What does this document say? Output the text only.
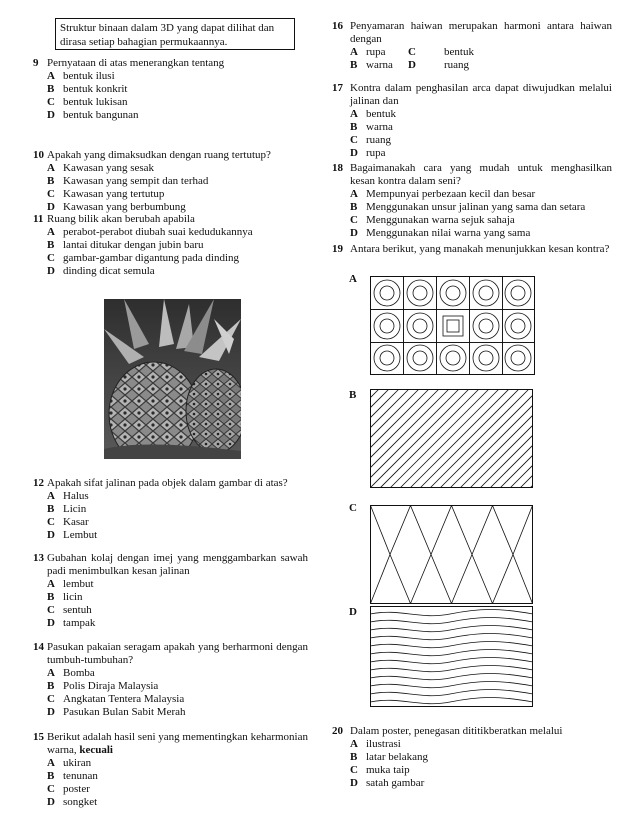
Struktur binaan dalam 3D yang dapat dilihat dan dirasa setiap bahagian permukaannya.
9 Pernyataan di atas menerangkan tentang
A bentuk ilusi
B bentuk konkrit
C bentuk lukisan
D bentuk bangunan
10 Apakah yang dimaksudkan dengan ruang tertutup?
A Kawasan yang sesak
B Kawasan yang sempit dan terhad
C Kawasan yang tertutup
D Kawasan yang berbumbung
11 Ruang bilik akan berubah apabila
A perabot-perabot diubah suai kedudukannya
B lantai ditukar dengan jubin baru
C gambar-gambar digantung pada dinding
D dinding dicat semula
12 Apakah sifat jalinan pada objek dalam gambar di atas?
A Halus
B Licin
C Kasar
D Lembut
13 Gubahan kolaj dengan imej yang menggambarkan sawah padi menimbulkan kesan jalinan
A lembut
B licin
C sentuh
D tampak
14 Pasukan pakaian seragam apakah yang berharmoni dengan tumbuh-tumbuhan?
A Bomba
B Polis Diraja Malaysia
C Angkatan Tentera Malaysia
D Pasukan Bulan Sabit Merah
15 Berikut adalah hasil seni yang mementingkan keharmonian warna, kecuali
A ukiran
B tenunan
C poster
D songket
16 Penyamaran haiwan merupakan harmoni antara haiwan dengan
A rupa C	bentuk
B warna D	ruang
17 Kontra dalam penghasilan arca dapat diwujudkan melalui jalinan dan
A bentuk
B warna
C ruang
D rupa
18 Bagaimanakah cara yang mudah untuk menghasilkan kesan kontra dalam seni?
A Mempunyai perbezaan kecil dan besar
B Menggunakan unsur jalinan yang sama dan setara
C Menggunakan warna sejuk sahaja
D Menggunakan nilai warna yang sama
19 Antara berikut, yang manakah menunjukkan kesan kontra?
A
B
C
D
20 Dalam poster, penegasan dititikberatkan melalui
A ilustrasi
B latar belakang
C muka taip
D satah gambar
